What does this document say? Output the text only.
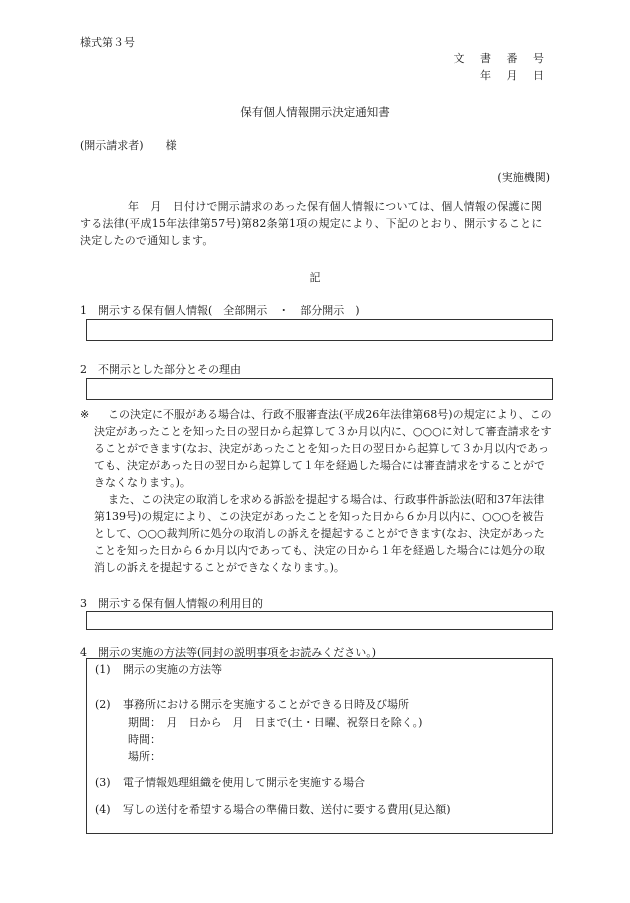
様式第３号
文 書 番 号
年 月 日
保有個人情報開示決定通知書
(開示請求者)　　様
(実施機関)
年　月　日付けで開示請求のあった保有個人情報については、個人情報の保護に関する法律(平成15年法律第57号)第82条第1項の規定により、下記のとおり、開示することに決定したので通知します。
記
1　開示する保有個人情報(　全部開示　・　部分開示　)
2　不開示とした部分とその理由
※	この決定に不服がある場合は、行政不服審査法(平成26年法律第68号)の規定により、この決定があったことを知った日の翌日から起算して３か月以内に、○○○に対して審査請求をすることができます(なお、決定があったことを知った日の翌日から起算して３か月以内であっても、決定があった日の翌日から起算して１年を経過した場合には審査請求をすることができなくなります。)。

また、この決定の取消しを求める訴訟を提起する場合は、行政事件訴訟法(昭和37年法律第139号)の規定により、この決定があったことを知った日から６か月以内に、○○○を被告として、○○○裁判所に処分の取消しの訴えを提起することができます(なお、決定があったことを知った日から６か月以内であっても、決定の日から１年を経過した場合には処分の取消しの訴えを提起することができなくなります。)。

3　開示する保有個人情報の利用目的
4　開示の実施の方法等(同封の説明事項をお読みください。)
(1) 開示の実施の方法等
(2) 事務所における開示を実施することができる日時及び場所
期間：　月　日から　月　日まで(土・日曜、祝祭日を除く。)
時間：
場所：
(3) 電子情報処理組織を使用して開示を実施する場合
(4) 写しの送付を希望する場合の準備日数、送付に要する費用(見込額)
